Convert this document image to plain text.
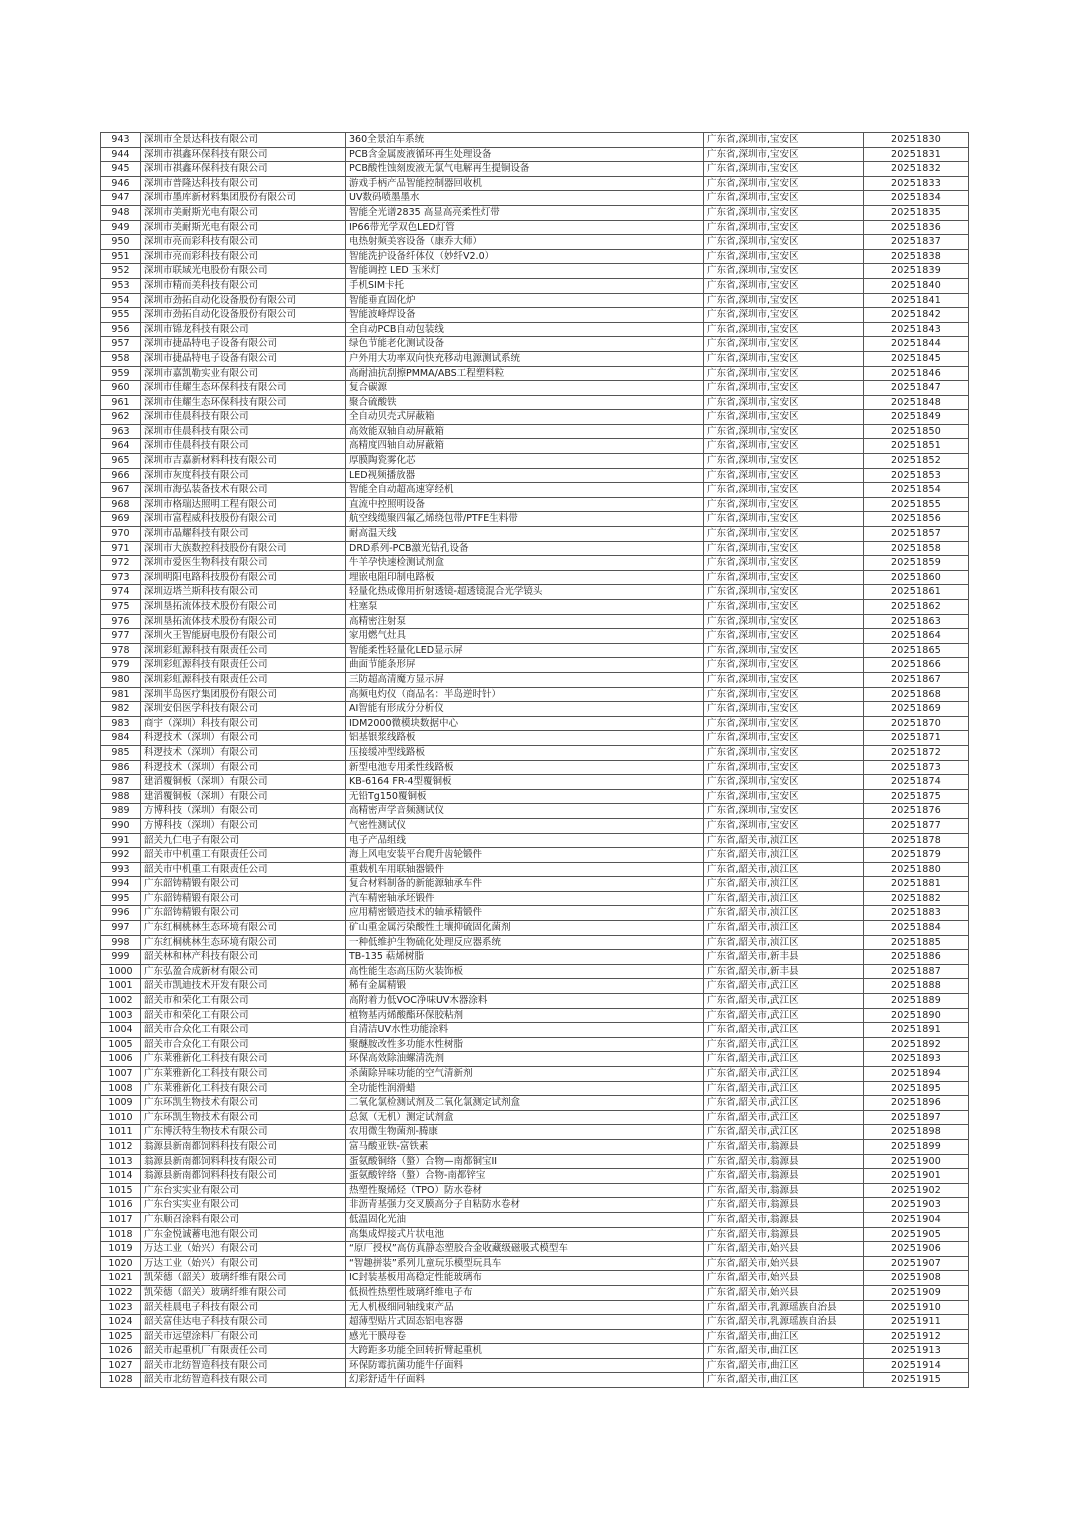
943	深圳市全景达科技有限公司	360全景泊车系统	广东省,深圳市,宝安区	20251830
944	深圳市祺鑫环保科技有限公司	PCB含金属废液循环再生处理设备	广东省,深圳市,宝安区	20251831
945	深圳市祺鑫环保科技有限公司	PCB酸性蚀刻废液无氯气电解再生提铜设备	广东省,深圳市,宝安区	20251832
946	深圳市普隆达科技有限公司	游戏手柄产品智能控制器回收机	广东省,深圳市,宝安区	20251833
947	深圳市墨库新材料集团股份有限公司	UV数码喷墨墨水	广东省,深圳市,宝安区	20251834
948	深圳市美耐斯光电有限公司	智能全光谱2835 高显高亮柔性灯带	广东省,深圳市,宝安区	20251835
949	深圳市美耐斯光电有限公司	IP66带光学双色LED灯管	广东省,深圳市,宝安区	20251836
950	深圳市亮而彩科技有限公司	电热射频美容设备（康乔大师）	广东省,深圳市,宝安区	20251837
951	深圳市亮而彩科技有限公司	智能洗护设备纤体仪（妙纤V2.0）	广东省,深圳市,宝安区	20251838
952	深圳市联域光电股份有限公司	智能调控 LED 玉米灯	广东省,深圳市,宝安区	20251839
953	深圳市精而美科技有限公司	手机SIM卡托	广东省,深圳市,宝安区	20251840
954	深圳市劲拓自动化设备股份有限公司	智能垂直固化炉	广东省,深圳市,宝安区	20251841
955	深圳市劲拓自动化设备股份有限公司	智能波峰焊设备	广东省,深圳市,宝安区	20251842
956	深圳市锦龙科技有限公司	全自动PCB自动包装线	广东省,深圳市,宝安区	20251843
957	深圳市捷晶特电子设备有限公司	绿色节能老化测试设备	广东省,深圳市,宝安区	20251844
958	深圳市捷晶特电子设备有限公司	户外用大功率双向快充移动电源测试系统	广东省,深圳市,宝安区	20251845
959	深圳市嘉凯勒实业有限公司	高耐油抗刮擦PMMA/ABS工程塑料粒	广东省,深圳市,宝安区	20251846
960	深圳市佳耀生态环保科技有限公司	复合碳源	广东省,深圳市,宝安区	20251847
961	深圳市佳耀生态环保科技有限公司	聚合硫酸铁	广东省,深圳市,宝安区	20251848
962	深圳市佳晨科技有限公司	全自动贝壳式屏蔽箱	广东省,深圳市,宝安区	20251849
963	深圳市佳晨科技有限公司	高效能双轴自动屏蔽箱	广东省,深圳市,宝安区	20251850
964	深圳市佳晨科技有限公司	高精度四轴自动屏蔽箱	广东省,深圳市,宝安区	20251851
965	深圳市吉嘉新材料科技有限公司	厚膜陶瓷雾化芯	广东省,深圳市,宝安区	20251852
966	深圳市灰度科技有限公司	LED视频播放器	广东省,深圳市,宝安区	20251853
967	深圳市海弘装备技术有限公司	智能全自动超高速穿经机	广东省,深圳市,宝安区	20251854
968	深圳市格瑞达照明工程有限公司	直流中控照明设备	广东省,深圳市,宝安区	20251855
969	深圳市富程威科技股份有限公司	航空线缆聚四氟乙烯绕包带/PTFE生料带	广东省,深圳市,宝安区	20251856
970	深圳市晶耀科技有限公司	耐高温天线	广东省,深圳市,宝安区	20251857
971	深圳市大族数控科技股份有限公司	DRD系列-PCB激光钻孔设备	广东省,深圳市,宝安区	20251858
972	深圳市爱医生物科技有限公司	牛羊孕快速检测试剂盒	广东省,深圳市,宝安区	20251859
973	深圳明阳电路科技股份有限公司	埋嵌电阻印制电路板	广东省,深圳市,宝安区	20251860
974	深圳迈塔兰斯科技有限公司	轻量化热成像用折射透镜-超透镜混合光学镜头	广东省,深圳市,宝安区	20251861
975	深圳垦拓流体技术股份有限公司	柱塞泵	广东省,深圳市,宝安区	20251862
976	深圳垦拓流体技术股份有限公司	高精密注射泵	广东省,深圳市,宝安区	20251863
977	深圳火王智能厨电股份有限公司	家用燃气灶具	广东省,深圳市,宝安区	20251864
978	深圳彩虹源科技有限责任公司	智能柔性轻量化LED显示屏	广东省,深圳市,宝安区	20251865
979	深圳彩虹源科技有限责任公司	曲面节能条形屏	广东省,深圳市,宝安区	20251866
980	深圳彩虹源科技有限责任公司	三防超高清魔方显示屏	广东省,深圳市,宝安区	20251867
981	深圳半岛医疗集团股份有限公司	高频电灼仪（商品名：半岛逆时针）	广东省,深圳市,宝安区	20251868
982	深圳安侣医学科技有限公司	AI智能有形成分分析仪	广东省,深圳市,宝安区	20251869
983	商宇（深圳）科技有限公司	IDM2000微模块数据中心	广东省,深圳市,宝安区	20251870
984	科逻技术（深圳）有限公司	铝基银浆线路板	广东省,深圳市,宝安区	20251871
985	科逻技术（深圳）有限公司	压接缓冲型线路板	广东省,深圳市,宝安区	20251872
986	科逻技术（深圳）有限公司	新型电池专用柔性线路板	广东省,深圳市,宝安区	20251873
987	建滔覆铜板（深圳）有限公司	KB-6164 FR-4型覆铜板	广东省,深圳市,宝安区	20251874
988	建滔覆铜板（深圳）有限公司	无铅Tg150覆铜板	广东省,深圳市,宝安区	20251875
989	方博科技（深圳）有限公司	高精密声学音频测试仪	广东省,深圳市,宝安区	20251876
990	方博科技（深圳）有限公司	气密性测试仪	广东省,深圳市,宝安区	20251877
991	韶关九仁电子有限公司	电子产品组线	广东省,韶关市,浈江区	20251878
992	韶关市中机重工有限责任公司	海上风电安装平台爬升齿轮锻件	广东省,韶关市,浈江区	20251879
993	韶关市中机重工有限责任公司	重载机车用联轴器锻件	广东省,韶关市,浈江区	20251880
994	广东韶铸精锻有限公司	复合材料制备的新能源轴承车件	广东省,韶关市,浈江区	20251881
995	广东韶铸精锻有限公司	汽车精密轴承坯锻件	广东省,韶关市,浈江区	20251882
996	广东韶铸精锻有限公司	应用精密锻造技术的轴承精锻件	广东省,韶关市,浈江区	20251883
997	广东红桐桃林生态环境有限公司	矿山重金属污染酸性土壤抑硫固化菌剂	广东省,韶关市,浈江区	20251884
998	广东红桐桃林生态环境有限公司	一种低维护生物硫化处理反应器系统	广东省,韶关市,浈江区	20251885
999	韶关林和林产科技有限公司	TB-135 萜烯树脂	广东省,韶关市,新丰县	20251886
1000	广东弘盈合成新材有限公司	高性能生态高压防火装饰板	广东省,韶关市,新丰县	20251887
1001	韶关市凯迪技术开发有限公司	稀有金属精锻	广东省,韶关市,武江区	20251888
1002	韶关市和荣化工有限公司	高附着力低VOC净味UV木器涂料	广东省,韶关市,武江区	20251889
1003	韶关市和荣化工有限公司	植物基丙烯酸酯环保胶粘剂	广东省,韶关市,武江区	20251890
1004	韶关市合众化工有限公司	自清洁UV水性功能涂料	广东省,韶关市,武江区	20251891
1005	韶关市合众化工有限公司	聚醚胺改性多功能水性树脂	广东省,韶关市,武江区	20251892
1006	广东莱雅新化工科技有限公司	环保高效除油螺清洗剂	广东省,韶关市,武江区	20251893
1007	广东莱雅新化工科技有限公司	杀菌除异味功能的空气清新剂	广东省,韶关市,武江区	20251894
1008	广东莱雅新化工科技有限公司	全功能性润滑蜡	广东省,韶关市,武江区	20251895
1009	广东环凯生物技术有限公司	二氧化氯检测试剂及二氧化氯测定试剂盒	广东省,韶关市,武江区	20251896
1010	广东环凯生物技术有限公司	总氮（无机）测定试剂盒	广东省,韶关市,武江区	20251897
1011	广东博沃特生物技术有限公司	农用微生物菌剂-腾康	广东省,韶关市,武江区	20251898
1012	翁源县新南都饲料科技有限公司	富马酸亚铁-富铁素	广东省,韶关市,翁源县	20251899
1013	翁源县新南都饲料科技有限公司	蛋氨酸铜络（螯）合物—南都铜宝II	广东省,韶关市,翁源县	20251900
1014	翁源县新南都饲料科技有限公司	蛋氨酸锌络（螯）合物-南都锌宝	广东省,韶关市,翁源县	20251901
1015	广东台实实业有限公司	热塑性聚烯烃（TPO）防水卷材	广东省,韶关市,翁源县	20251902
1016	广东台实实业有限公司	非沥青基强力交叉膜高分子自粘防水卷材	广东省,韶关市,翁源县	20251903
1017	广东顺召涂料有限公司	低温固化光油	广东省,韶关市,翁源县	20251904
1018	广东金悦诚蓄电池有限公司	高集成焊接式片状电池	广东省,韶关市,翁源县	20251905
1019	万达工业（始兴）有限公司	“原厂授权”高仿真静态塑胶合金收藏级磁吸式模型车	广东省,韶关市,始兴县	20251906
1020	万达工业（始兴）有限公司	“智趣拼装”系列儿童玩乐模型玩具车	广东省,韶关市,始兴县	20251907
1021	凯荣德（韶关）玻璃纤维有限公司	IC封装基板用高稳定性能玻璃布	广东省,韶关市,始兴县	20251908
1022	凯荣德（韶关）玻璃纤维有限公司	低损性热塑性玻璃纤维电子布	广东省,韶关市,始兴县	20251909
1023	韶关桂晨电子科技有限公司	无人机极细同轴线束产品	广东省,韶关市,乳源瑶族自治县	20251910
1024	韶关富佳达电子科技有限公司	超薄型贴片式固态铝电容器	广东省,韶关市,乳源瑶族自治县	20251911
1025	韶关市远望涂料厂有限公司	感光干膜母卷	广东省,韶关市,曲江区	20251912
1026	韶关市起重机厂有限责任公司	大跨距多功能全回转折臂起重机	广东省,韶关市,曲江区	20251913
1027	韶关市北纺智造科技有限公司	环保防霉抗菌功能牛仔面料	广东省,韶关市,曲江区	20251914
1028	韶关市北纺智造科技有限公司	幻彩舒适牛仔面料	广东省,韶关市,曲江区	20251915
